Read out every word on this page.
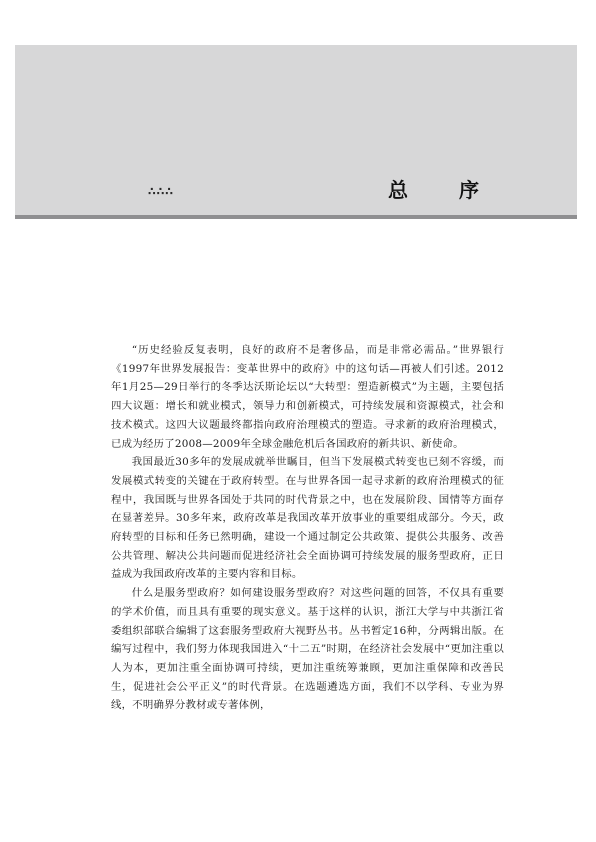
∴∴∴	总 序

“历史经验反复表明，良好的政府不是奢侈品，而是非常必需品。”世界银行《1997年世界发展报告：变革世界中的政府》中的这句话—再被人们引述。2012年1月25—29日举行的冬季达沃斯论坛以“大转型：塑造新模式”为主题，主要包括四大议题：增长和就业模式，领导力和创新模式，可持续发展和资源模式，社会和技术模式。这四大议题最终都指向政府治理模式的塑造。寻求新的政府治理模式，已成为经历了2008—2009年全球金融危机后各国政府的新共识、新使命。

我国最近30多年的发展成就举世瞩目，但当下发展模式转变也已刻不容缓，而发展模式转变的关键在于政府转型。在与世界各国一起寻求新的政府治理模式的征程中，我国既与世界各国处于共同的时代背景之中，也在发展阶段、国情等方面存在显著差异。30多年来，政府改革是我国改革开放事业的重要组成部分。今天，政府转型的目标和任务已然明确，建设一个通过制定公共政策、提供公共服务、改善公共管理、解决公共问题而促进经济社会全面协调可持续发展的服务型政府，正日益成为我国政府改革的主要内容和目标。

什么是服务型政府？如何建设服务型政府？对这些问题的回答，不仅具有重要的学术价值，而且具有重要的现实意义。基于这样的认识，浙江大学与中共浙江省委组织部联合编辑了这套服务型政府大视野丛书。丛书暂定16种，分两辑出版。在编写过程中，我们努力体现我国进入“十二五”时期，在经济社会发展中“更加注重以人为本，更加注重全面协调可持续，更加注重统筹兼顾，更加注重保障和改善民生，促进社会公平正义”的时代背景。在选题遴选方面，我们不以学科、专业为界线，不明确界分教材或专著体例，
